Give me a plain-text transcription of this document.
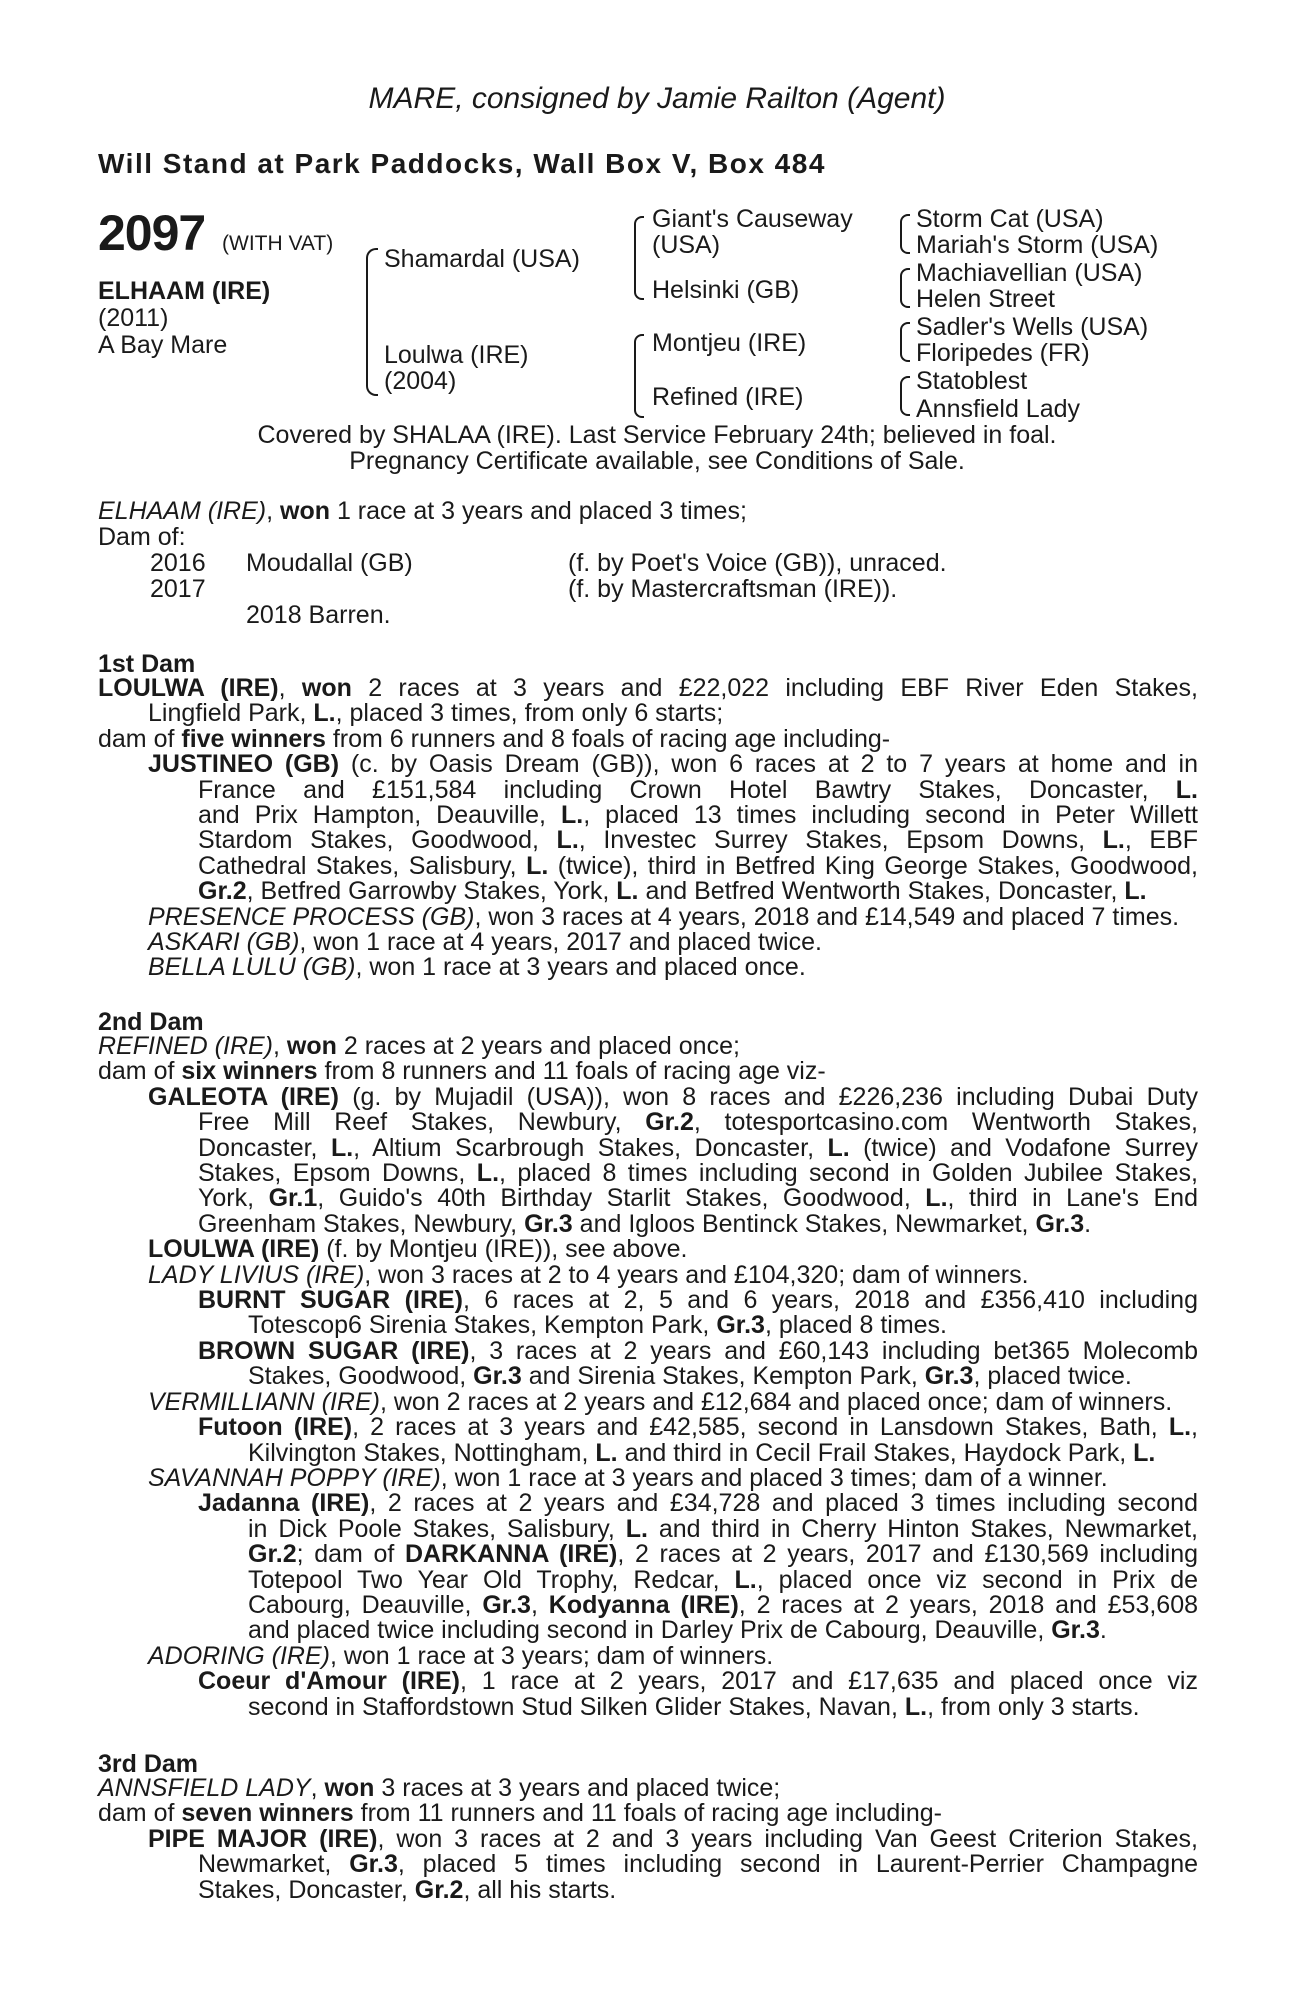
MARE, consigned by Jamie Railton (Agent)
Will Stand at Park Paddocks, Wall Box V, Box 484
2097 (WITH VAT)
ELHAAM (IRE)
(2011)
A Bay Mare
Shamardal (USA)
Loulwa (IRE)
(2004)
Giant's Causeway
(USA)
Helsinki (GB)
Montjeu (IRE)
Refined (IRE)
Storm Cat (USA)
Mariah's Storm (USA)
Machiavellian (USA)
Helen Street
Sadler's Wells (USA)
Floripedes (FR)
Statoblest
Annsfield Lady
Covered by SHALAA (IRE). Last Service February 24th; believed in foal.
Pregnancy Certificate available, see Conditions of Sale.
ELHAAM (IRE), won 1 race at 3 years and placed 3 times;
Dam of:
2016 Moudallal (GB)	(f. by Poet's Voice (GB)), unraced.
2017	(f. by Mastercraftsman (IRE)).
2018 Barren.
1st Dam
LOULWA (IRE), won 2 races at 3 years and £22,022 including EBF River Eden Stakes,
Lingfield Park, L., placed 3 times, from only 6 starts;
dam of five winners from 6 runners and 8 foals of racing age including-
JUSTINEO (GB) (c. by Oasis Dream (GB)), won 6 races at 2 to 7 years at home and in
France and £151,584 including Crown Hotel Bawtry Stakes, Doncaster, L.
and Prix Hampton, Deauville, L., placed 13 times including second in Peter Willett
Stardom Stakes, Goodwood, L., Investec Surrey Stakes, Epsom Downs, L., EBF
Cathedral Stakes, Salisbury, L. (twice), third in Betfred King George Stakes, Goodwood,
Gr.2, Betfred Garrowby Stakes, York, L. and Betfred Wentworth Stakes, Doncaster, L.
PRESENCE PROCESS (GB), won 3 races at 4 years, 2018 and £14,549 and placed 7 times.
ASKARI (GB), won 1 race at 4 years, 2017 and placed twice.
BELLA LULU (GB), won 1 race at 3 years and placed once.
2nd Dam
REFINED (IRE), won 2 races at 2 years and placed once;
dam of six winners from 8 runners and 11 foals of racing age viz-
GALEOTA (IRE) (g. by Mujadil (USA)), won 8 races and £226,236 including Dubai Duty
Free Mill Reef Stakes, Newbury, Gr.2, totesportcasino.com Wentworth Stakes,
Doncaster, L., Altium Scarbrough Stakes, Doncaster, L. (twice) and Vodafone Surrey
Stakes, Epsom Downs, L., placed 8 times including second in Golden Jubilee Stakes,
York, Gr.1, Guido's 40th Birthday Starlit Stakes, Goodwood, L., third in Lane's End
Greenham Stakes, Newbury, Gr.3 and Igloos Bentinck Stakes, Newmarket, Gr.3.
LOULWA (IRE) (f. by Montjeu (IRE)), see above.
LADY LIVIUS (IRE), won 3 races at 2 to 4 years and £104,320; dam of winners.
BURNT SUGAR (IRE), 6 races at 2, 5 and 6 years, 2018 and £356,410 including
Totescop6 Sirenia Stakes, Kempton Park, Gr.3, placed 8 times.
BROWN SUGAR (IRE), 3 races at 2 years and £60,143 including bet365 Molecomb
Stakes, Goodwood, Gr.3 and Sirenia Stakes, Kempton Park, Gr.3, placed twice.
VERMILLIANN (IRE), won 2 races at 2 years and £12,684 and placed once; dam of winners.
Futoon (IRE), 2 races at 3 years and £42,585, second in Lansdown Stakes, Bath, L.,
Kilvington Stakes, Nottingham, L. and third in Cecil Frail Stakes, Haydock Park, L.
SAVANNAH POPPY (IRE), won 1 race at 3 years and placed 3 times; dam of a winner.
Jadanna (IRE), 2 races at 2 years and £34,728 and placed 3 times including second
in Dick Poole Stakes, Salisbury, L. and third in Cherry Hinton Stakes, Newmarket,
Gr.2; dam of DARKANNA (IRE), 2 races at 2 years, 2017 and £130,569 including
Totepool Two Year Old Trophy, Redcar, L., placed once viz second in Prix de
Cabourg, Deauville, Gr.3, Kodyanna (IRE), 2 races at 2 years, 2018 and £53,608
and placed twice including second in Darley Prix de Cabourg, Deauville, Gr.3.
ADORING (IRE), won 1 race at 3 years; dam of winners.
Coeur d'Amour (IRE), 1 race at 2 years, 2017 and £17,635 and placed once viz
second in Staffordstown Stud Silken Glider Stakes, Navan, L., from only 3 starts.
3rd Dam
ANNSFIELD LADY, won 3 races at 3 years and placed twice;
dam of seven winners from 11 runners and 11 foals of racing age including-
PIPE MAJOR (IRE), won 3 races at 2 and 3 years including Van Geest Criterion Stakes,
Newmarket, Gr.3, placed 5 times including second in Laurent-Perrier Champagne
Stakes, Doncaster, Gr.2, all his starts.
